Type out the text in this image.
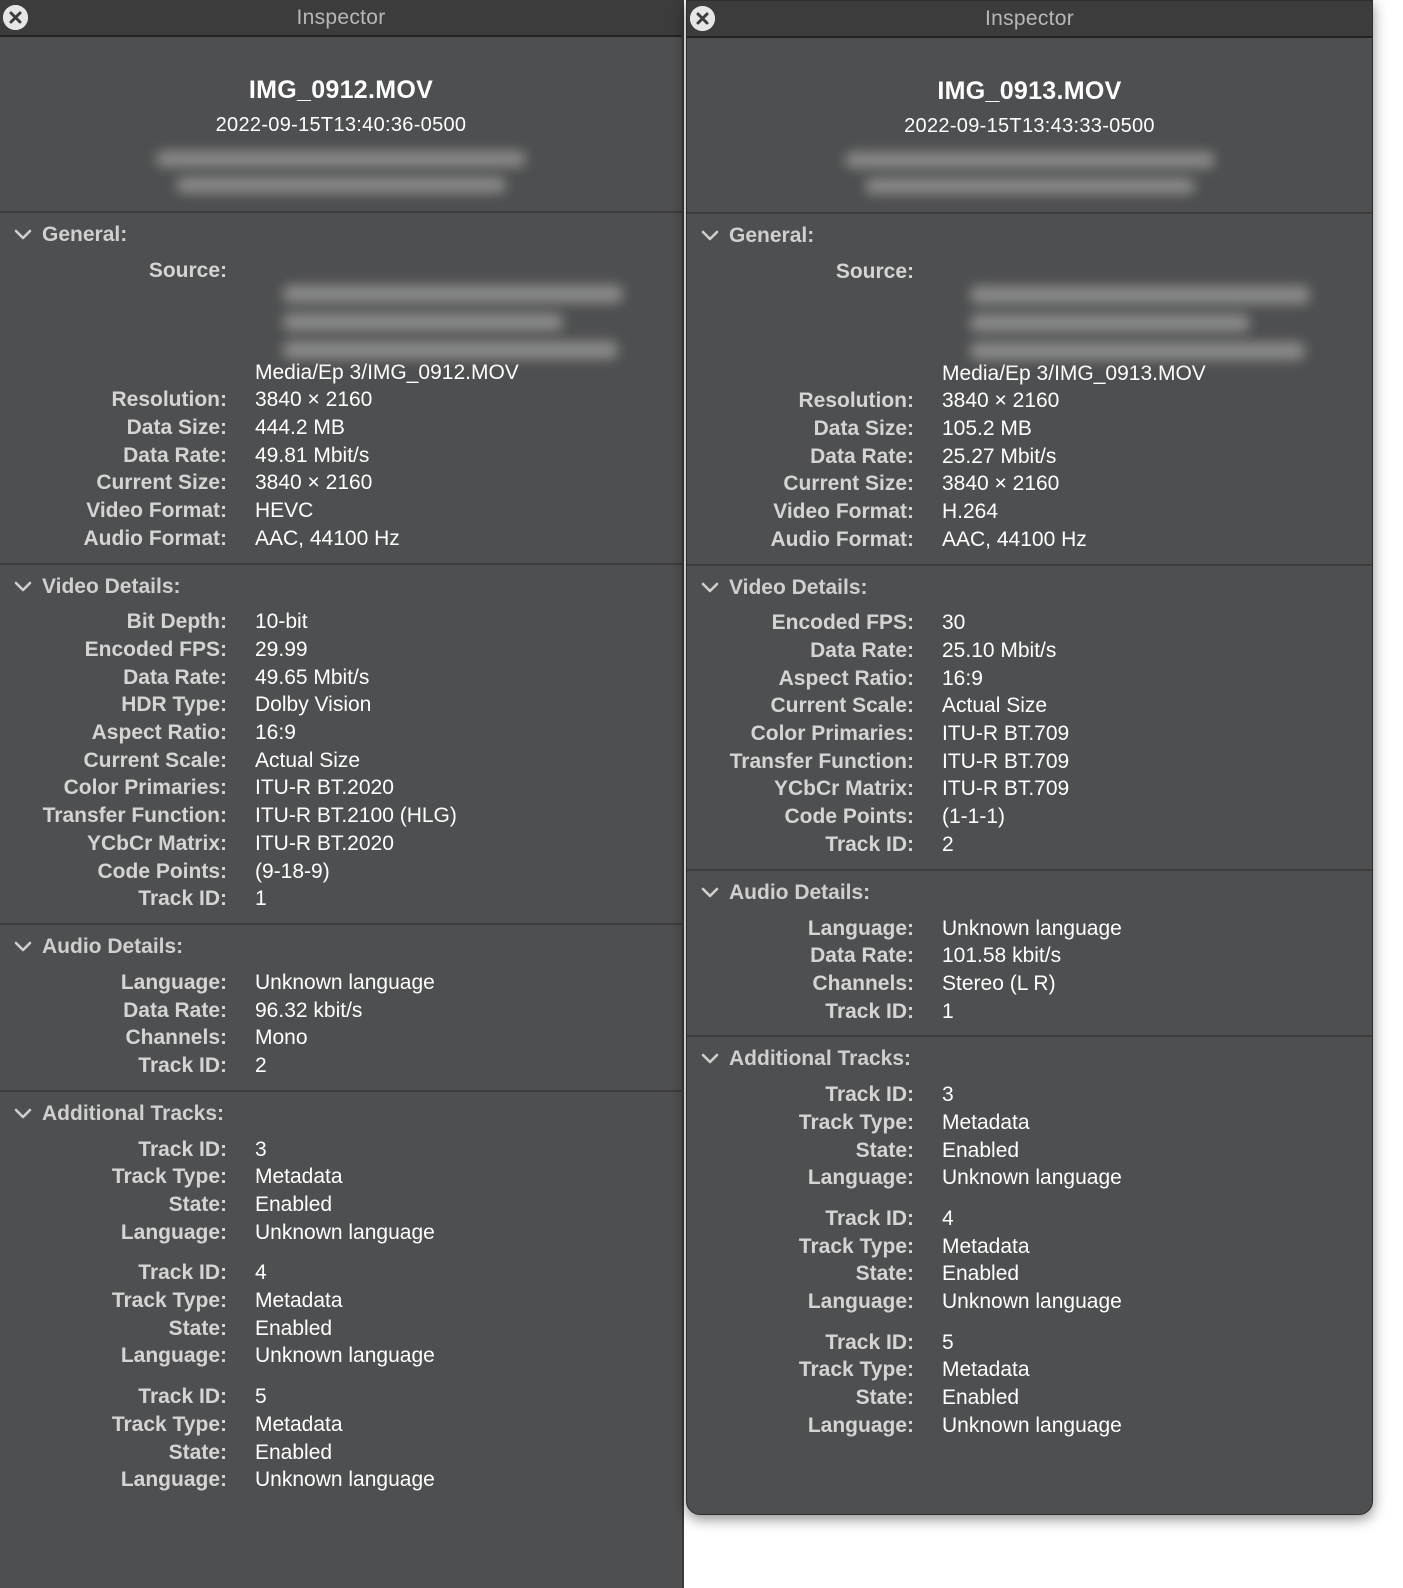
Inspector
IMG_0912.MOV
2022-09-15T13:40:36-0500
General:
Source:
Media/Ep 3/IMG_0912.MOV
Resolution:	3840 × 2160
Data Size:	444.2 MB
Data Rate:	49.81 Mbit/s
Current Size:	3840 × 2160
Video Format:	HEVC
Audio Format:	AAC, 44100 Hz
Video Details:
Bit Depth:	10-bit
Encoded FPS:	29.99
Data Rate:	49.65 Mbit/s
HDR Type:	Dolby Vision
Aspect Ratio:	16:9
Current Scale:	Actual Size
Color Primaries:	ITU-R BT.2020
Transfer Function:	ITU-R BT.2100 (HLG)
YCbCr Matrix:	ITU-R BT.2020
Code Points:	(9-18-9)
Track ID:	1
Audio Details:
Language:	Unknown language
Data Rate:	96.32 kbit/s
Channels:	Mono
Track ID:	2
Additional Tracks:
Track ID:	3
Track Type:	Metadata
State:	Enabled
Language:	Unknown language
Track ID:	4
Track Type:	Metadata
State:	Enabled
Language:	Unknown language
Track ID:	5
Track Type:	Metadata
State:	Enabled
Language:	Unknown language
Inspector
IMG_0913.MOV
2022-09-15T13:43:33-0500
General:
Source:
Media/Ep 3/IMG_0913.MOV
Resolution:	3840 × 2160
Data Size:	105.2 MB
Data Rate:	25.27 Mbit/s
Current Size:	3840 × 2160
Video Format:	H.264
Audio Format:	AAC, 44100 Hz
Video Details:
Encoded FPS:	30
Data Rate:	25.10 Mbit/s
Aspect Ratio:	16:9
Current Scale:	Actual Size
Color Primaries:	ITU-R BT.709
Transfer Function:	ITU-R BT.709
YCbCr Matrix:	ITU-R BT.709
Code Points:	(1-1-1)
Track ID:	2
Audio Details:
Language:	Unknown language
Data Rate:	101.58 kbit/s
Channels:	Stereo (L R)
Track ID:	1
Additional Tracks:
Track ID:	3
Track Type:	Metadata
State:	Enabled
Language:	Unknown language
Track ID:	4
Track Type:	Metadata
State:	Enabled
Language:	Unknown language
Track ID:	5
Track Type:	Metadata
State:	Enabled
Language:	Unknown language
